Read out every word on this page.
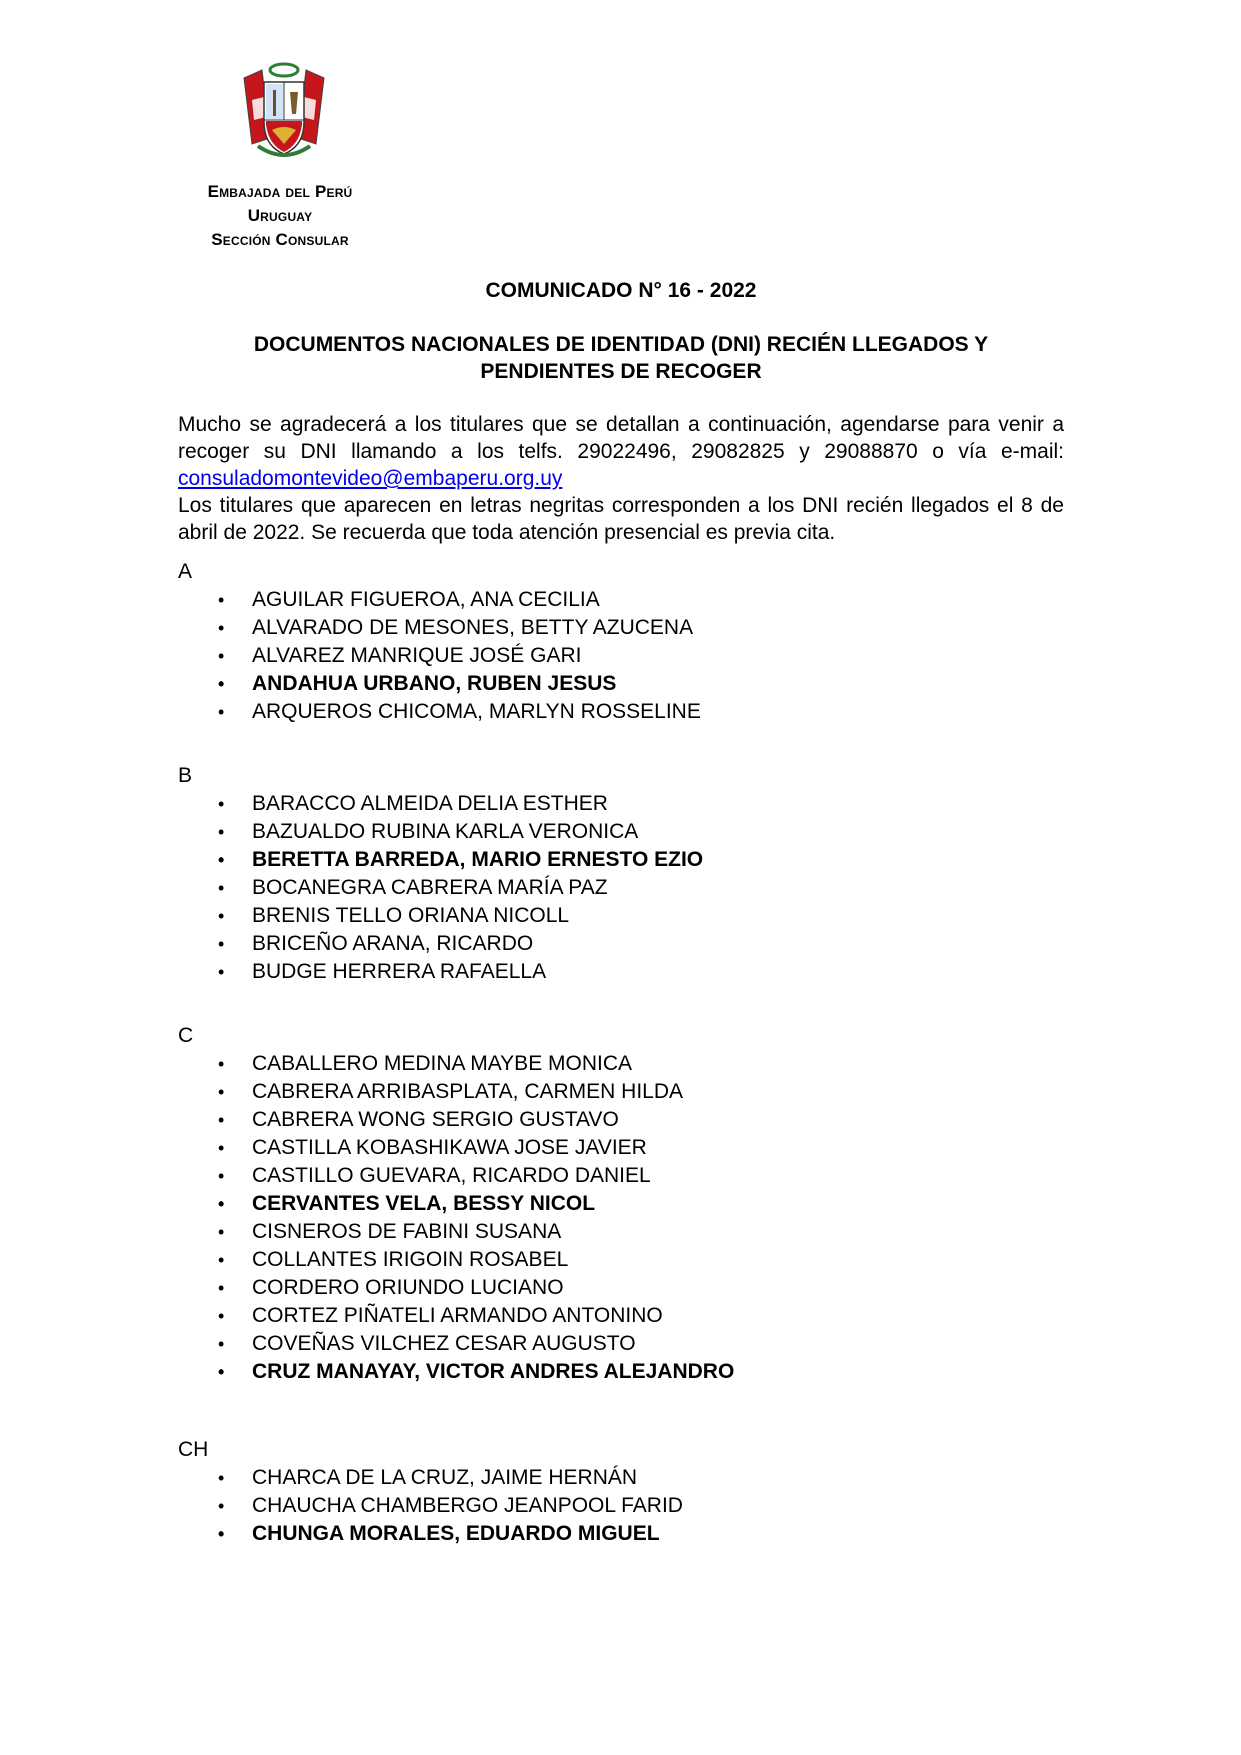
Embajada del Perú
Uruguay
Sección Consular
COMUNICADO N° 16 - 2022
DOCUMENTOS NACIONALES DE IDENTIDAD (DNI) RECIÉN LLEGADOS Y
PENDIENTES DE RECOGER

Mucho se agradecerá a los titulares que se detallan a continuación, agendarse para venir a recoger su DNI llamando a los telfs. 29022496, 29082825 y 29088870 o vía e-mail: consuladomontevideo@embaperu.org.uy

Los titulares que aparecen en letras negritas corresponden a los DNI recién llegados el 8 de abril de 2022. Se recuerda que toda atención presencial es previa cita.

A
• AGUILAR FIGUEROA, ANA CECILIA
• ALVARADO DE MESONES, BETTY AZUCENA
• ALVAREZ MANRIQUE JOSÉ GARI
• ANDAHUA URBANO, RUBEN JESUS
• ARQUEROS CHICOMA, MARLYN ROSSELINE
B
• BARACCO ALMEIDA DELIA ESTHER
• BAZUALDO RUBINA KARLA VERONICA
• BERETTA BARREDA, MARIO ERNESTO EZIO
• BOCANEGRA CABRERA MARÍA PAZ
• BRENIS TELLO ORIANA NICOLL
• BRICEÑO ARANA, RICARDO
• BUDGE HERRERA RAFAELLA
C
• CABALLERO MEDINA MAYBE MONICA
• CABRERA ARRIBASPLATA, CARMEN HILDA
• CABRERA WONG SERGIO GUSTAVO
• CASTILLA KOBASHIKAWA JOSE JAVIER
• CASTILLO GUEVARA, RICARDO DANIEL
• CERVANTES VELA, BESSY NICOL
• CISNEROS DE FABINI SUSANA
• COLLANTES IRIGOIN ROSABEL
• CORDERO ORIUNDO LUCIANO
• CORTEZ PIÑATELI ARMANDO ANTONINO
• COVEÑAS VILCHEZ CESAR AUGUSTO
• CRUZ MANAYAY, VICTOR ANDRES ALEJANDRO
CH
• CHARCA DE LA CRUZ, JAIME HERNÁN
• CHAUCHA CHAMBERGO JEANPOOL FARID
• CHUNGA MORALES, EDUARDO MIGUEL
